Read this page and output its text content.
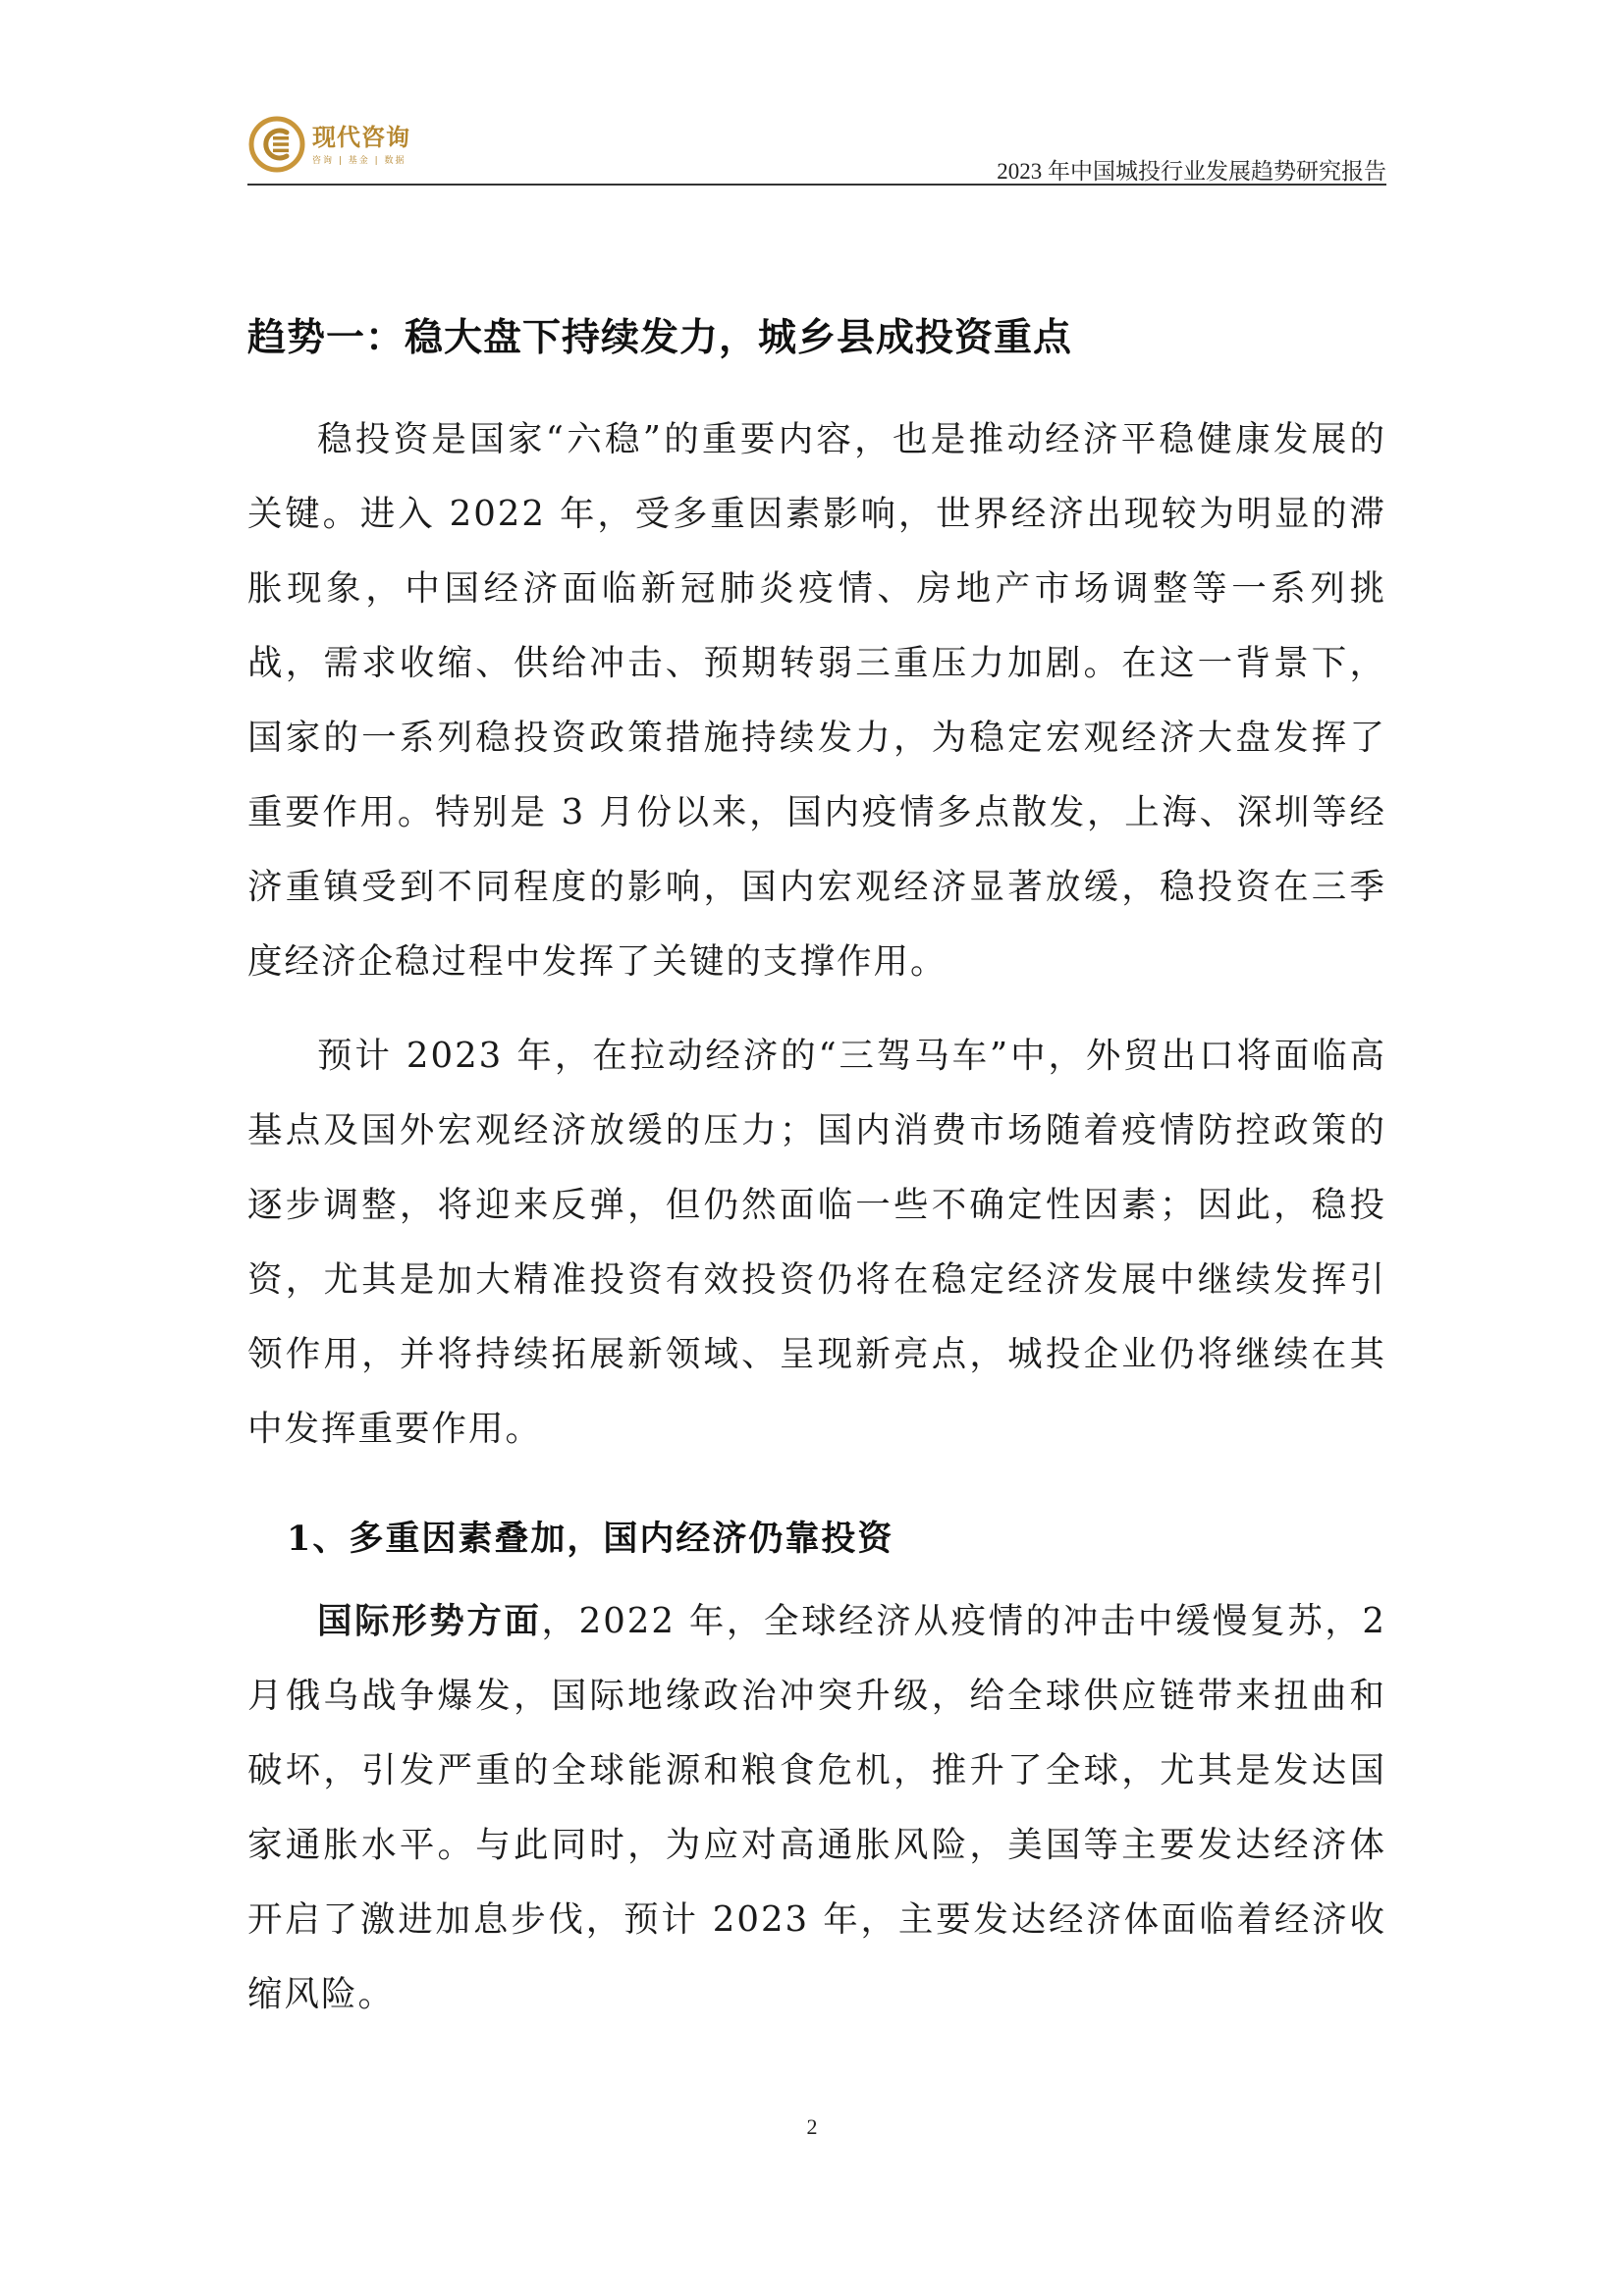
现代咨询
咨询 | 基金 | 数据	2023 年中国城投行业发展趋势研究报告
趋势一：稳大盘下持续发力，城乡县成投资重点

稳投资是国家“六稳”的重要内容，也是推动经济平稳健康发展的关键。进入 2022 年，受多重因素影响，世界经济出现较为明显的滞胀现象，中国经济面临新冠肺炎疫情、房地产市场调整等一系列挑战，需求收缩、供给冲击、预期转弱三重压力加剧。在这一背景下，国家的一系列稳投资政策措施持续发力，为稳定宏观经济大盘发挥了重要作用。特别是 3 月份以来，国内疫情多点散发，上海、深圳等经济重镇受到不同程度的影响，国内宏观经济显著放缓，稳投资在三季度经济企稳过程中发挥了关键的支撑作用。

预计 2023 年，在拉动经济的“三驾马车”中，外贸出口将面临高基点及国外宏观经济放缓的压力；国内消费市场随着疫情防控政策的逐步调整，将迎来反弹，但仍然面临一些不确定性因素；因此，稳投资，尤其是加大精准投资有效投资仍将在稳定经济发展中继续发挥引领作用，并将持续拓展新领域、呈现新亮点，城投企业仍将继续在其中发挥重要作用。

1、多重因素叠加，国内经济仍靠投资

国际形势方面，2022 年，全球经济从疫情的冲击中缓慢复苏，2 月俄乌战争爆发，国际地缘政治冲突升级，给全球供应链带来扭曲和破坏，引发严重的全球能源和粮食危机，推升了全球，尤其是发达国家通胀水平。与此同时，为应对高通胀风险，美国等主要发达经济体开启了激进加息步伐，预计 2023 年，主要发达经济体面临着经济收缩风险。

2
